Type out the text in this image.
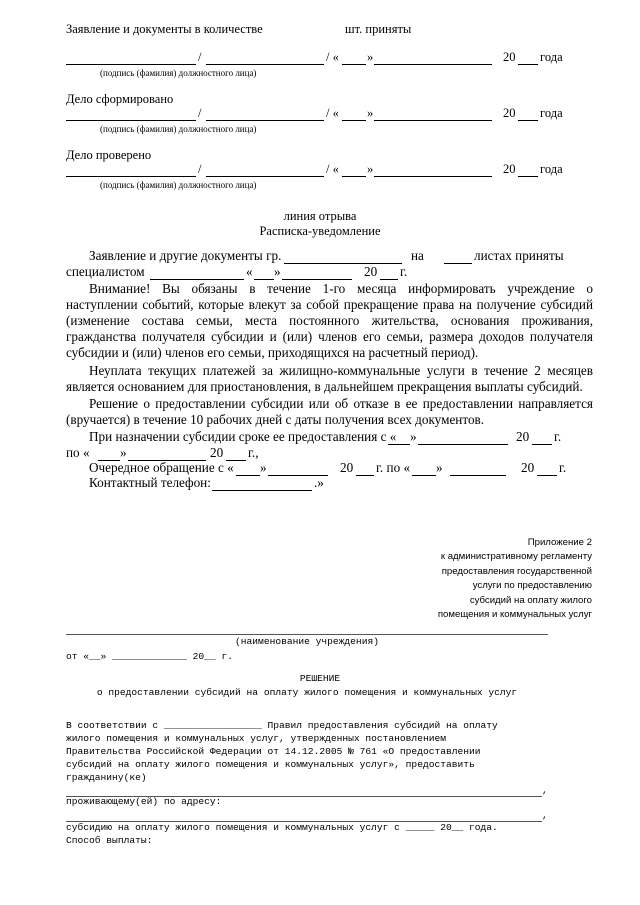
Заявление и документы в количестве	шт. приняты
/	/ « »	20 года
(подпись (фамилия) должностного лица)
Дело сформировано
/	/ « »	20 года
(подпись (фамилия) должностного лица)
Дело проверено
/	/ « »	20 года
(подпись (фамилия) должностного лица)
линия отрыва
Расписка-уведомление
Заявление и другие документы гр.	на	листах приняты
специалистом	« »	20 г.
Внимание! Вы обязаны в течение 1-го месяца информировать учреждение о
наступлении событий, которые влекут за собой прекращение права на получение субсидий
(изменение состава семьи, места постоянного жительства, основания проживания,
гражданства получателя субсидии и (или) членов его семьи, размера доходов получателя
субсидии и (или) членов его семьи, приходящихся на расчетный период).
Неуплата текущих платежей за жилищно-коммунальные услуги в течение 2 месяцев
является основанием для приостановления, в дальнейшем прекращения выплаты субсидий.
Решение о предоставлении субсидии или об отказе в ее предоставлении направляется
(вручается) в течение 10 рабочих дней с даты получения всех документов.
При назначении субсидии сроке ее предоставления с « »	20 г.
по « »	20 г.,
Очередное обращение с « »	20 г. по « »	20 г.
Контактный телефон:	.»
Приложение 2
к административному регламенту
предоставления государственной
услуги по предоставлению
субсидий на оплату жилого
помещения и коммунальных услуг
(наименование учреждения)
от «__» _____________ 20__ г.
РЕШЕНИЕ
о предоставлении субсидий на оплату жилого помещения и коммунальных услуг
В соответствии с _________________ Правил предоставления субсидий на оплату
жилого помещения и коммунальных услуг, утвержденных постановлением
Правительства Российской Федерации от 14.12.2005 № 761 «О предоставлении
субсидий на оплату жилого помещения и коммунальных услуг», предоставить
гражданину(ке)
,
проживающему(ей) по адресу:
,
субсидию на оплату жилого помещения и коммунальных услуг с _____ 20__ года.
Способ выплаты:
